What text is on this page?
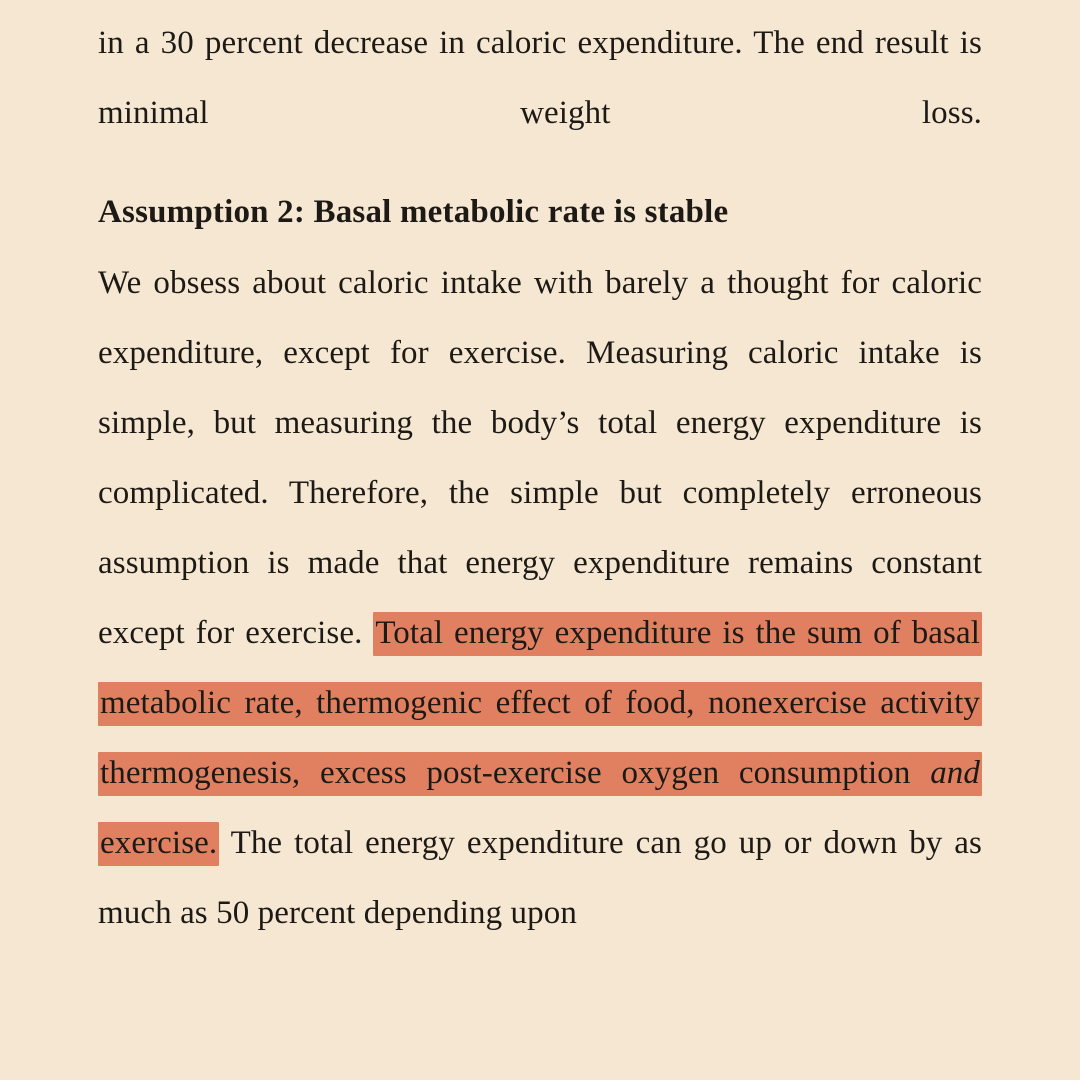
in a 30 percent decrease in caloric expenditure. The end result is minimal weight loss.

Assumption 2: Basal metabolic rate is stable

We obsess about caloric intake with barely a thought for caloric expenditure, except for exercise. Measuring caloric intake is simple, but measuring the body’s total energy expenditure is complicated. Therefore, the simple but completely erroneous assumption is made that energy expenditure remains constant except for exercise. Total energy expenditure is the sum of basal metabolic rate, thermogenic effect of food, nonexercise activity thermogenesis, excess post-exercise oxygen consumption and exercise. The total energy expenditure can go up or down by as much as 50 percent depending upon
